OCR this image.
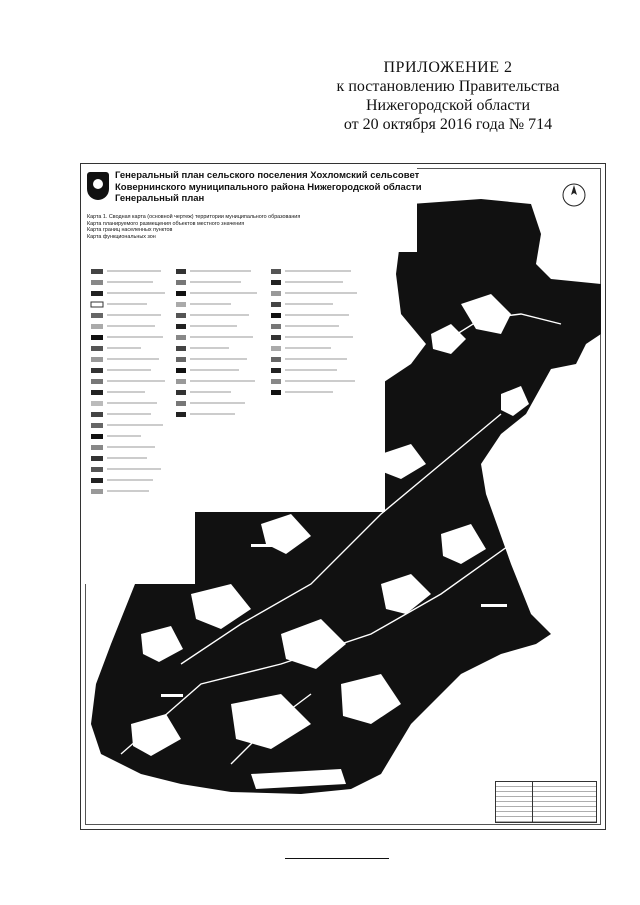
ПРИЛОЖЕНИЕ 2
к постановлению Правительства
Нижегородской области
от 20 октября 2016 года № 714
Генеральный план сельского поселения Хохломский сельсовет
Ковернинского муниципального района Нижегородской области
Генеральный план
Карта 1. Сводная карта (основной чертеж) территории муниципального образования
Карта планируемого размещения объектов местного значения
Карта границ населенных пунктов
Карта функциональных зон
